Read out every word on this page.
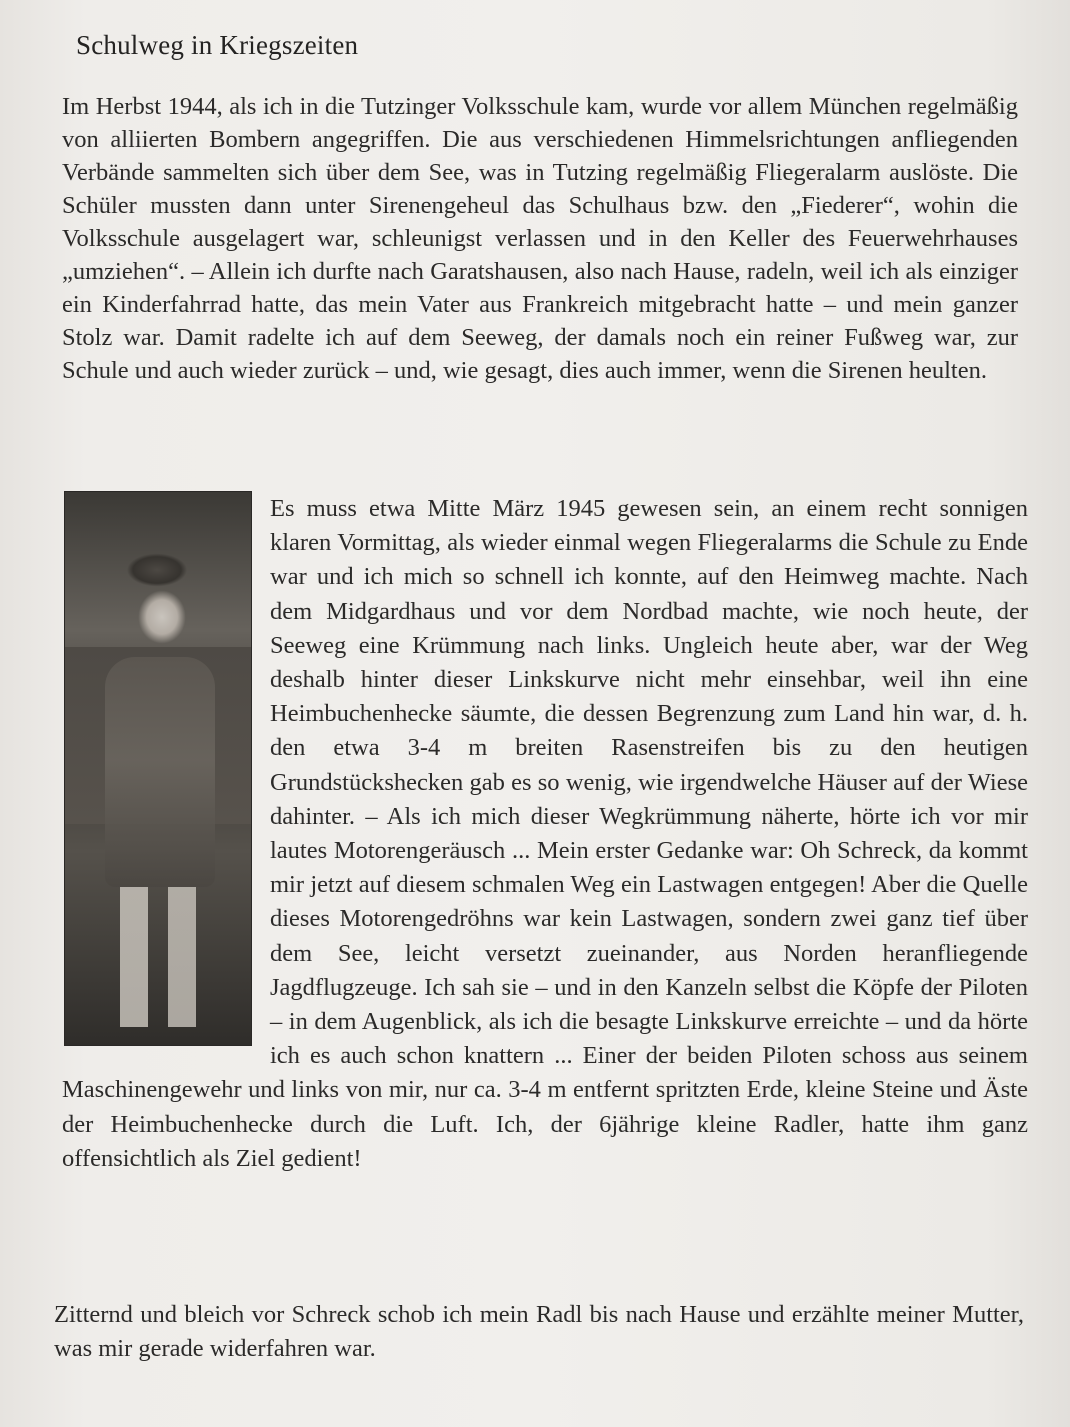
Schulweg in Kriegszeiten

Im Herbst 1944, als ich in die Tutzinger Volksschule kam, wurde vor allem München regelmäßig von alliierten Bombern angegriffen. Die aus verschiedenen Himmelsrichtungen anfliegenden Verbände sammelten sich über dem See, was in Tutzing regelmäßig Fliegeralarm auslöste. Die Schüler mussten dann unter Sirenengeheul das Schulhaus bzw. den „Fiederer“, wohin die Volksschule ausgelagert war, schleunigst verlassen und in den Keller des Feuerwehrhauses „umziehen“. – Allein ich durfte nach Garatshausen, also nach Hause, radeln, weil ich als einziger ein Kinderfahrrad hatte, das mein Vater aus Frankreich mitgebracht hatte – und mein ganzer Stolz war. Damit radelte ich auf dem Seeweg, der damals noch ein reiner Fußweg war, zur Schule und auch wieder zurück – und, wie gesagt, dies auch immer, wenn die Sirenen heulten.

Es muss etwa Mitte März 1945 gewesen sein, an einem recht sonnigen klaren Vormittag, als wieder einmal wegen Fliegeralarms die Schule zu Ende war und ich mich so schnell ich konnte, auf den Heimweg machte. Nach dem Midgardhaus und vor dem Nordbad machte, wie noch heute, der Seeweg eine Krümmung nach links. Ungleich heute aber, war der Weg deshalb hinter dieser Linkskurve nicht mehr einsehbar, weil ihn eine Heimbuchenhecke säumte, die dessen Begrenzung zum Land hin war, d. h. den etwa 3-4 m breiten Rasenstreifen bis zu den heutigen Grundstückshecken gab es so wenig, wie irgendwelche Häuser auf der Wiese dahinter. – Als ich mich dieser Wegkrümmung näherte, hörte ich vor mir lautes Motorengeräusch ... Mein erster Gedanke war: Oh Schreck, da kommt mir jetzt auf diesem schmalen Weg ein Lastwagen entgegen! Aber die Quelle dieses Motorengedröhns war kein Lastwagen, sondern zwei ganz tief über dem See, leicht versetzt zueinander, aus Norden heranfliegende Jagdflugzeuge. Ich sah sie – und in den Kanzeln selbst die Köpfe der Piloten – in dem Augenblick, als ich die besagte Linkskurve erreichte – und da hörte ich es auch schon knattern ... Einer der beiden Piloten schoss aus seinem Maschinengewehr und links von mir, nur ca. 3-4 m entfernt spritzten Erde, kleine Steine und Äste der Heimbuchenhecke durch die Luft. Ich, der 6jährige kleine Radler, hatte ihm ganz offensichtlich als Ziel gedient!

Zitternd und bleich vor Schreck schob ich mein Radl bis nach Hause und erzählte meiner Mutter, was mir gerade widerfahren war.
